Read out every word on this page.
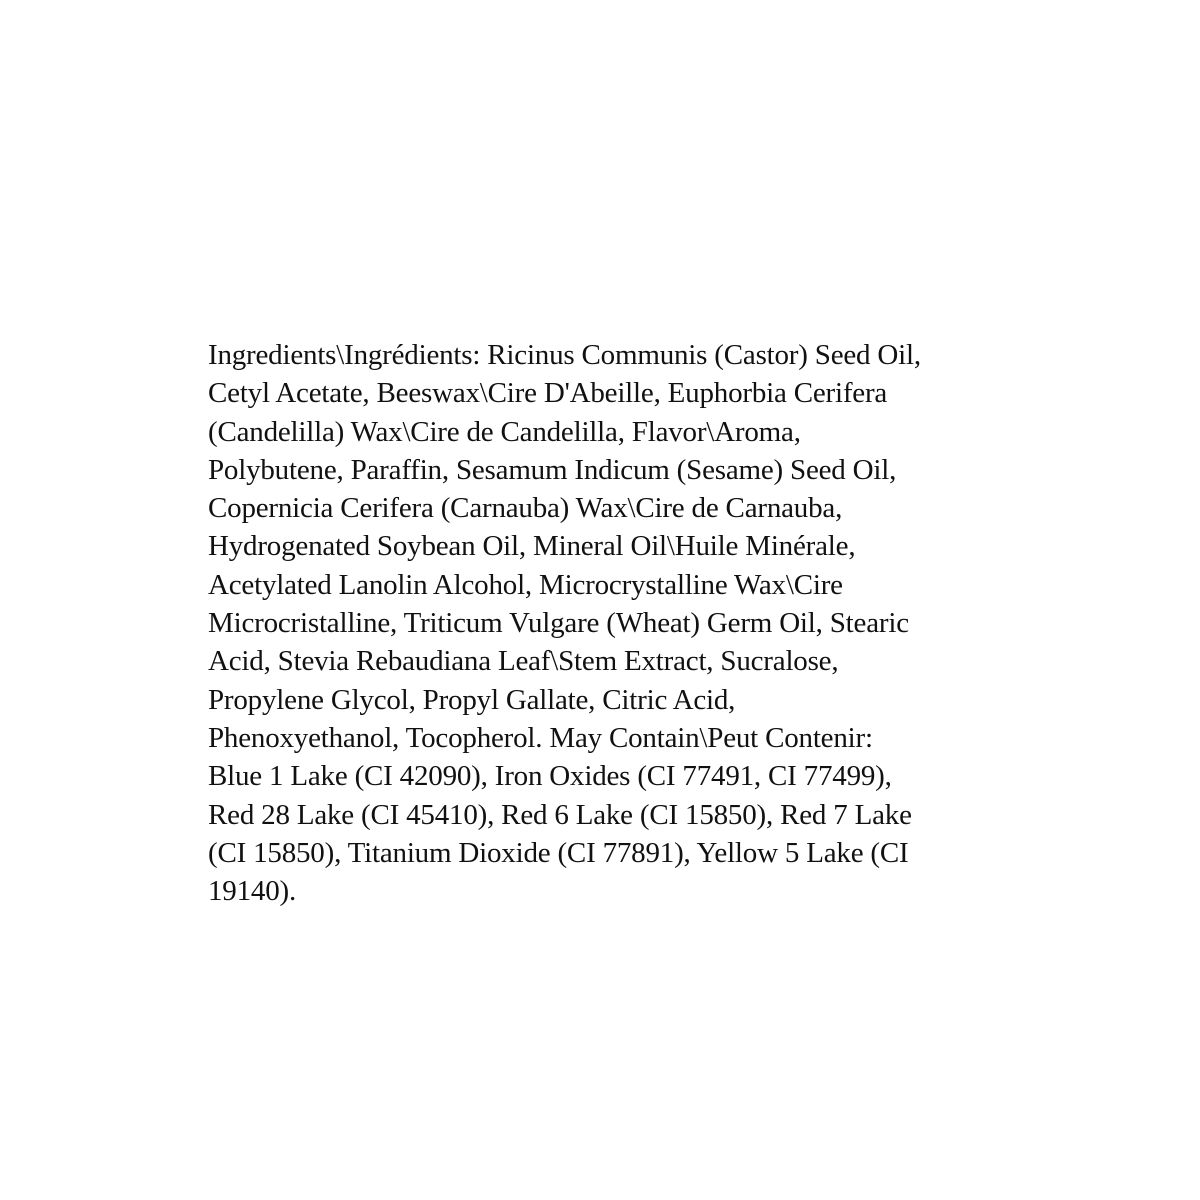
Ingredients\Ingrédients: Ricinus Communis (Castor) Seed Oil,
Cetyl Acetate, Beeswax\Cire D'Abeille, Euphorbia Cerifera
(Candelilla) Wax\Cire de Candelilla, Flavor\Aroma,
Polybutene, Paraffin, Sesamum Indicum (Sesame) Seed Oil,
Copernicia Cerifera (Carnauba) Wax\Cire de Carnauba,
Hydrogenated Soybean Oil, Mineral Oil\Huile Minérale,
Acetylated Lanolin Alcohol, Microcrystalline Wax\Cire
Microcristalline, Triticum Vulgare (Wheat) Germ Oil, Stearic
Acid, Stevia Rebaudiana Leaf\Stem Extract, Sucralose,
Propylene Glycol, Propyl Gallate, Citric Acid,
Phenoxyethanol, Tocopherol. May Contain\Peut Contenir:
Blue 1 Lake (CI 42090), Iron Oxides (CI 77491, CI 77499),
Red 28 Lake (CI 45410), Red 6 Lake (CI 15850), Red 7 Lake
(CI 15850), Titanium Dioxide (CI 77891), Yellow 5 Lake (CI
19140).
